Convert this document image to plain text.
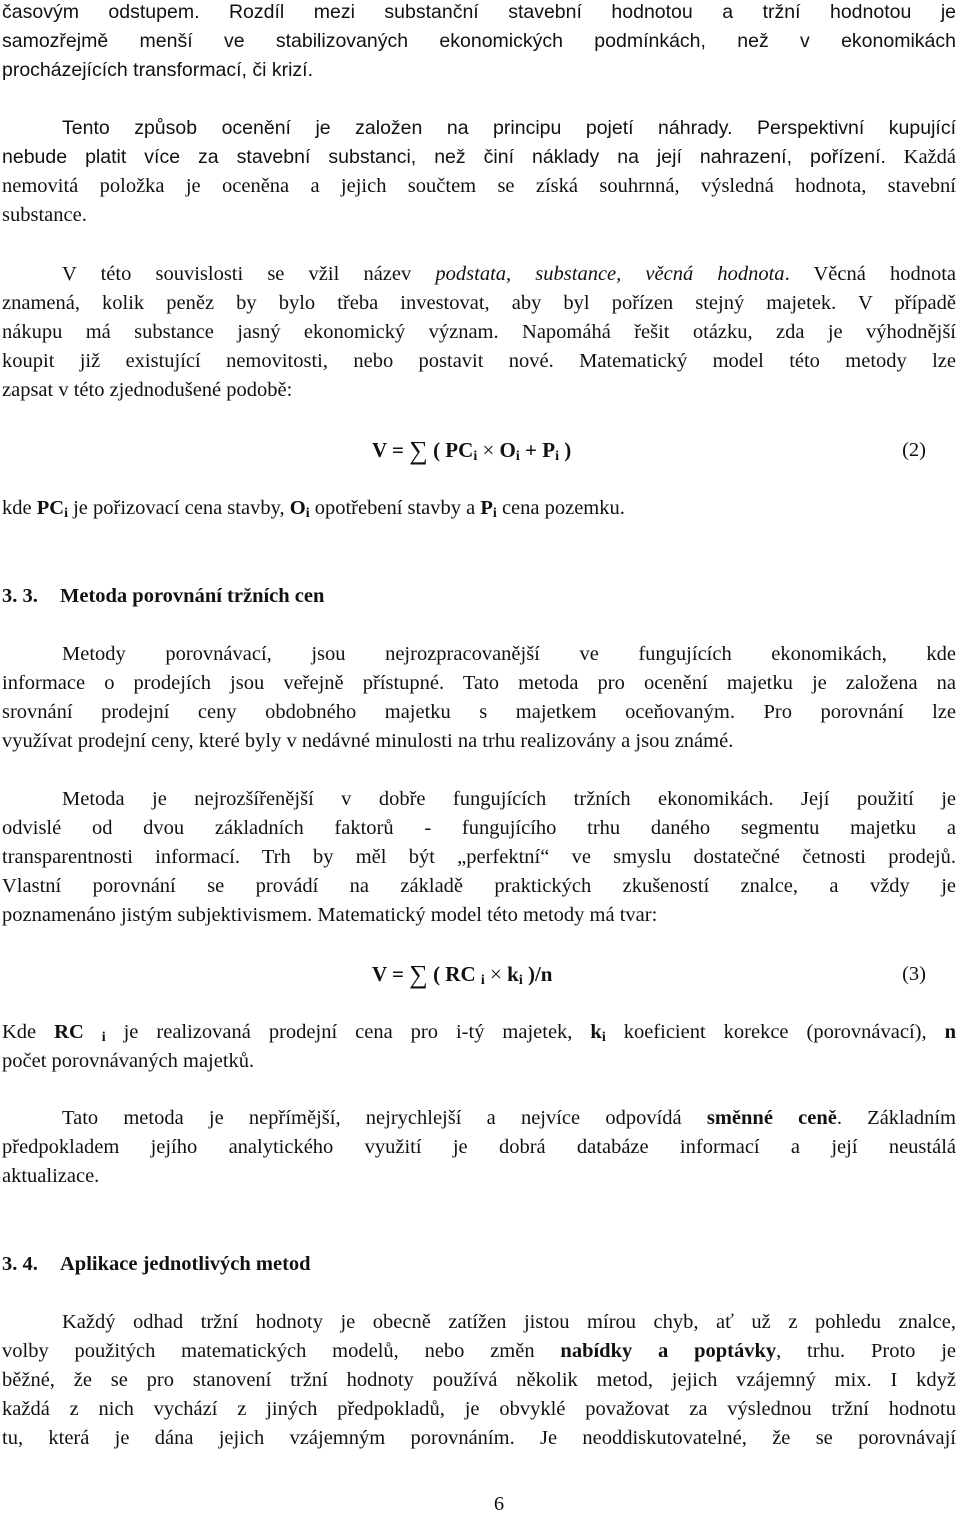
časovým odstupem. Rozdíl mezi substanční stavební hodnotou a tržní hodnotou je
samozřejmě menší ve stabilizovaných ekonomických podmínkách, než v ekonomikách
procházejících transformací, či krizí.
Tento způsob ocenění je založen na principu pojetí náhrady. Perspektivní kupující
nebude platit více za stavební substanci, než činí náklady na její nahrazení, pořízení. Každá
nemovitá položka je oceněna a jejich součtem se získá souhrnná, výsledná hodnota, stavební
substance.
V této souvislosti se vžil název podstata, substance, věcná hodnota. Věcná hodnota
znamená, kolik peněz by bylo třeba investovat, aby byl pořízen stejný majetek. V případě
nákupu má substance jasný ekonomický význam. Napomáhá řešit otázku, zda je výhodnější
koupit již existující nemovitosti, nebo postavit nové. Matematický model této metody lze
zapsat v této zjednodušené podobě:
V = ∑ ( $PC_i \times O_i + P_i$ )	(2)
kde $PC_i$ je pořizovací cena stavby, $O_i$ opotřebení stavby a $P_i$ cena pozemku.
3. 3. Metoda porovnání tržních cen
Metody porovnávací, jsou nejrozpracovanější ve fungujících ekonomikách, kde
informace o prodejích jsou veřejně přístupné. Tato metoda pro ocenění majetku je založena na
srovnání prodejní ceny obdobného majetku s majetkem oceňovaným. Pro porovnání lze
využívat prodejní ceny, které byly v nedávné minulosti na trhu realizovány a jsou známé.
Metoda je nejrozšířenější v dobře fungujících tržních ekonomikách. Její použití je
odvislé od dvou základních faktorů - fungujícího trhu daného segmentu majetku a
transparentnosti informací. Trh by měl být „perfektní“ ve smyslu dostatečné četnosti prodejů.
Vlastní porovnání se provádí na základě praktických zkušeností znalce, a vždy je
poznamenáno jistým subjektivismem. Matematický model této metody má tvar:
V = ∑ ( RC $_i \times k_i$ )/n	(3)
Kde RC $_i$ je realizovaná prodejní cena pro i-tý majetek, $k_i$ koeficient korekce (porovnávací), n
počet porovnávaných majetků.
Tato metoda je nepřímější, nejrychlejší a nejvíce odpovídá směnné ceně. Základním
předpokladem jejího analytického využití je dobrá databáze informací a její neustálá
aktualizace.
3. 4. Aplikace jednotlivých metod
Každý odhad tržní hodnoty je obecně zatížen jistou mírou chyb, ať už z pohledu znalce,
volby použitých matematických modelů, nebo změn nabídky a poptávky, trhu. Proto je
běžné, že se pro stanovení tržní hodnoty používá několik metod, jejich vzájemný mix. I když
každá z nich vychází z jiných předpokladů, je obvyklé považovat za výslednou tržní hodnotu
tu, která je dána jejich vzájemným porovnáním. Je neoddiskutovatelné, že se porovnávají
6
